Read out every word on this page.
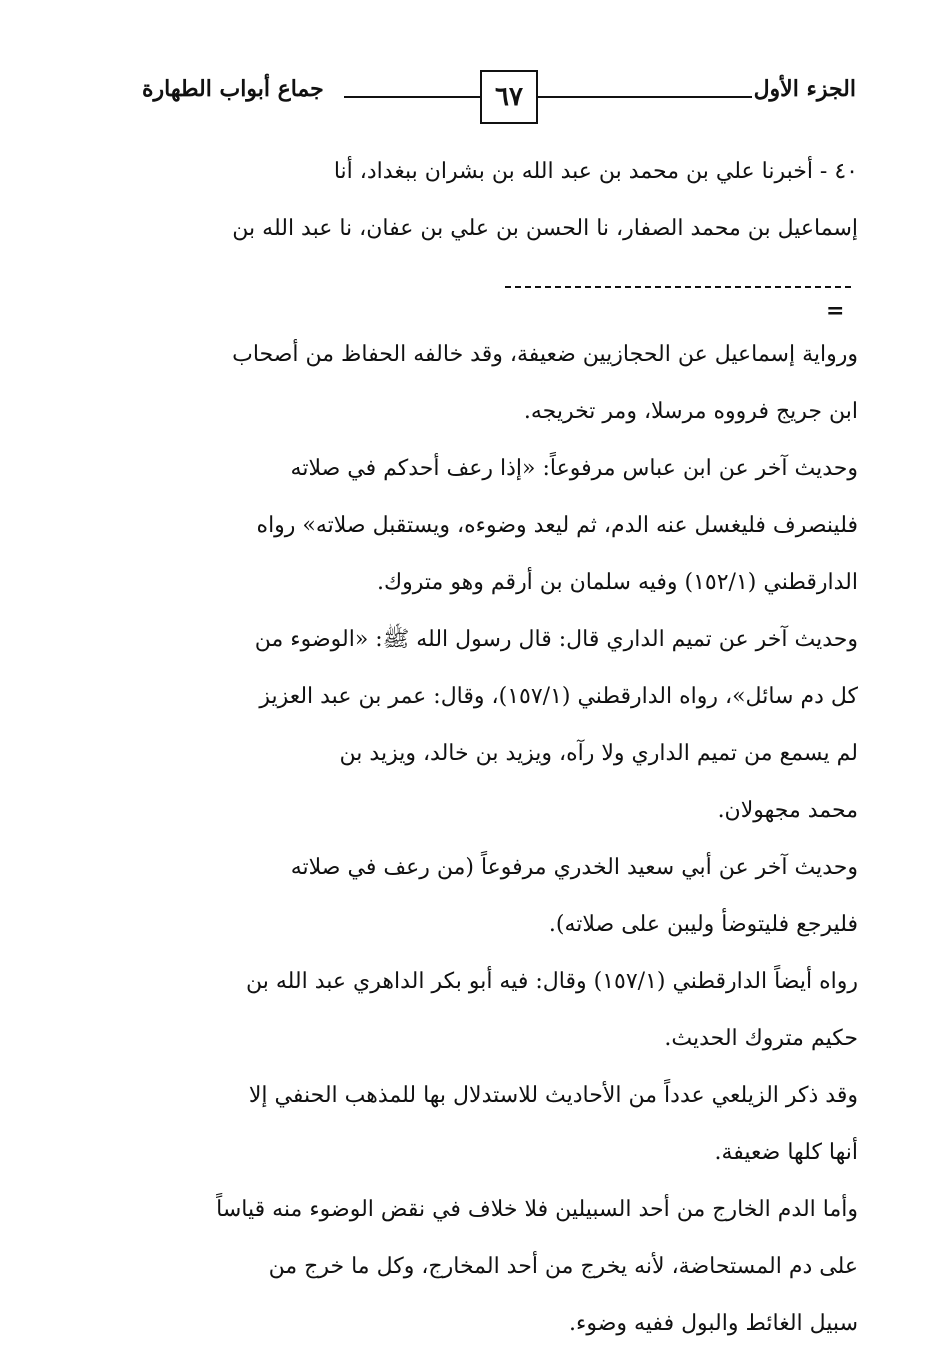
جماع أبواب الطهارة	٦٧	الجزء الأول
٤٠ - أخبرنا علي بن محمد بن عبد الله بن بشران ببغداد، أنا
إسماعيل بن محمد الصفار، نا الحسن بن علي بن عفان، نا عبد الله بن
=
ورواية إسماعيل عن الحجازيين ضعيفة، وقد خالفه الحفاظ من أصحاب
ابن جريج فرووه مرسلا، ومر تخريجه.
وحديث آخر عن ابن عباس مرفوعاً: «إذا رعف أحدكم في صلاته
فلينصرف فليغسل عنه الدم، ثم ليعد وضوءه، ويستقبل صلاته» رواه
الدارقطني (١٥٢/١) وفيه سلمان بن أرقم وهو متروك.
وحديث آخر عن تميم الداري قال: قال رسول الله ﷺ: «الوضوء من
كل دم سائل»، رواه الدارقطني (١٥٧/١)، وقال: عمر بن عبد العزيز
لم يسمع من تميم الداري ولا رآه، ويزيد بن خالد، ويزيد بن
محمد مجهولان.
وحديث آخر عن أبي سعيد الخدري مرفوعاً (من رعف في صلاته
فليرجع فليتوضأ وليبن على صلاته).
رواه أيضاً الدارقطني (١٥٧/١) وقال: فيه أبو بكر الداهري عبد الله بن
حكيم متروك الحديث.
وقد ذكر الزيلعي عدداً من الأحاديث للاستدلال بها للمذهب الحنفي إلا
أنها كلها ضعيفة.
وأما الدم الخارج من أحد السبيلين فلا خلاف في نقض الوضوء منه قياساً
على دم المستحاضة، لأنه يخرج من أحد المخارج، وكل ما خرج من
سبيل الغائط والبول ففيه وضوء.
